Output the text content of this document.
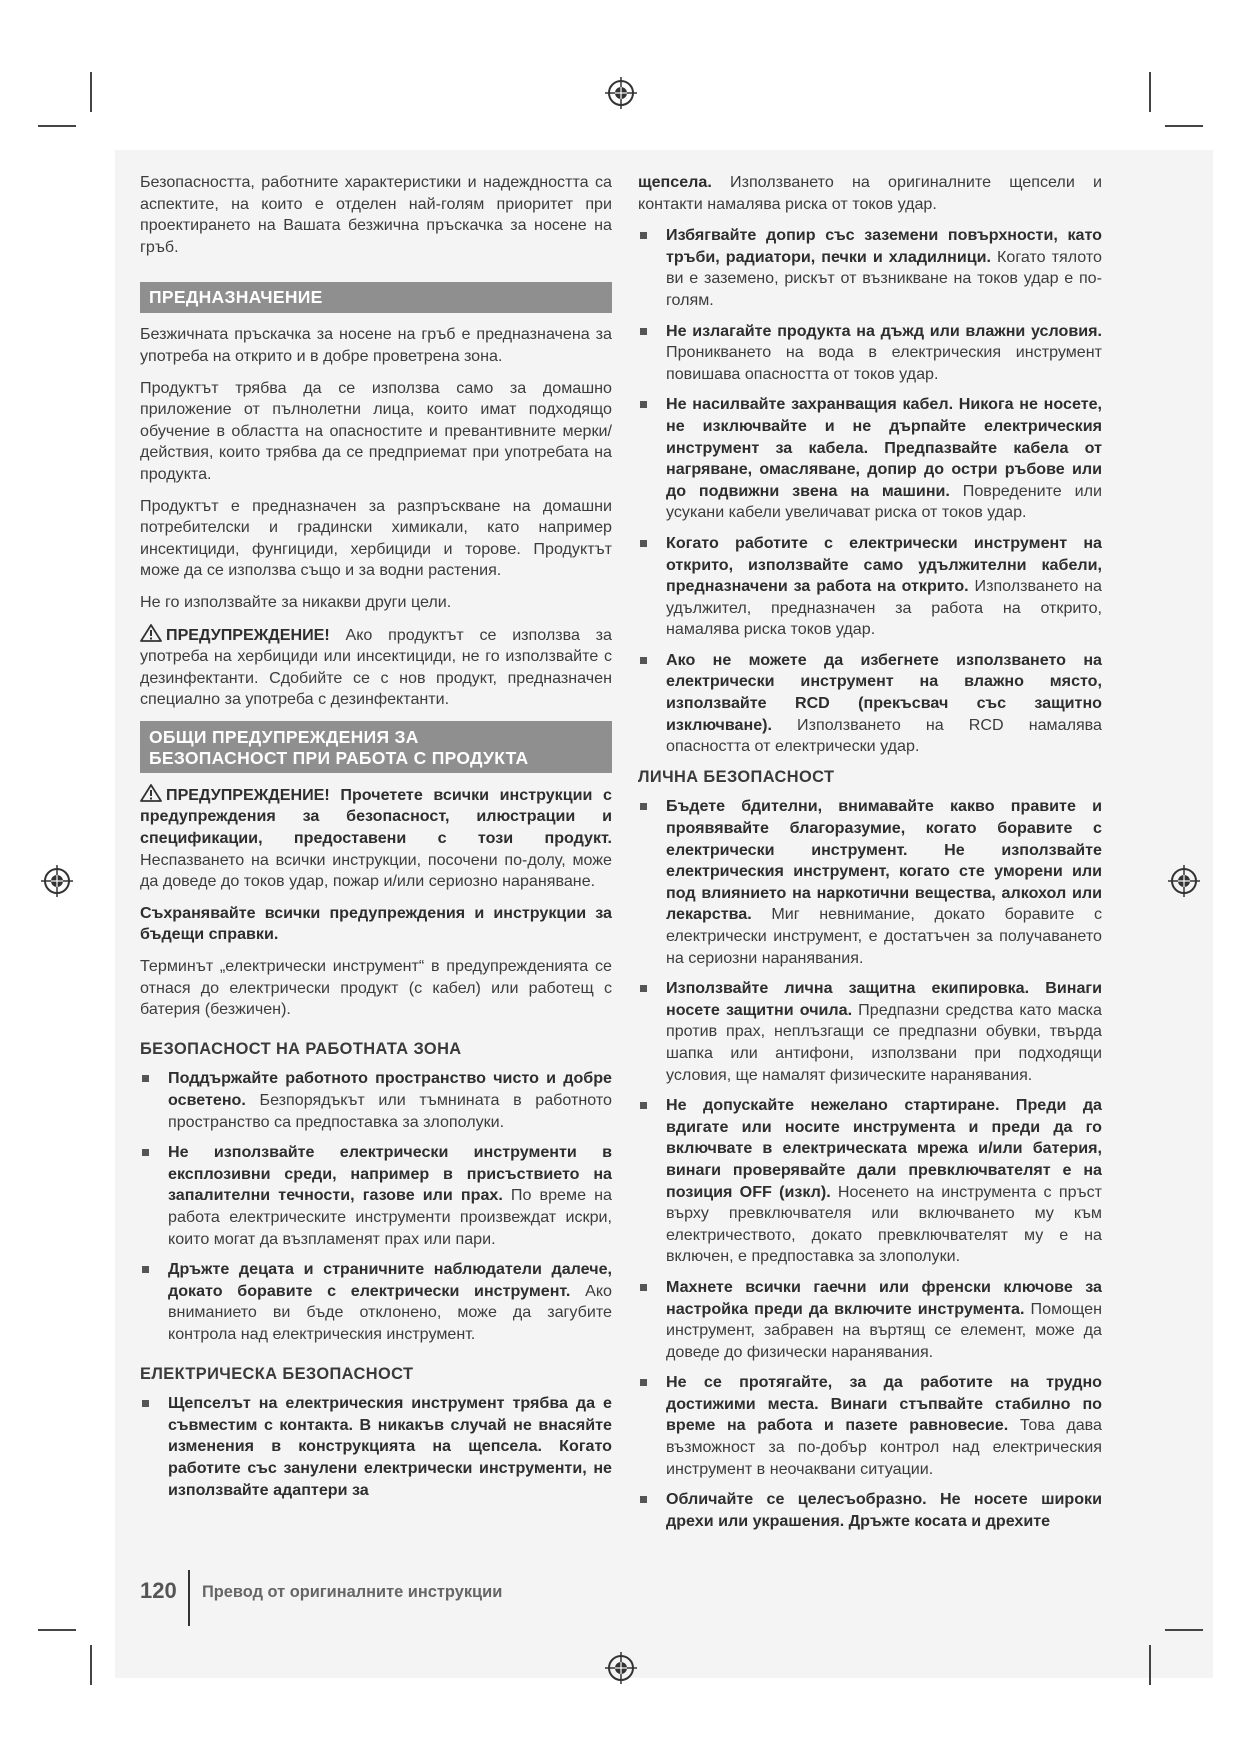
Безопасността, работните характеристики и надеждността са аспектите, на които е отделен най-голям приоритет при проектирането на Вашата безжична пръскачка за носене на гръб.

ПРЕДНАЗНАЧЕНИЕ

Безжичната пръскачка за носене на гръб е предназначена за употреба на открито и в добре проветрена зона.

Продуктът трябва да се използва само за домашно приложение от пълнолетни лица, които имат подходящо обучение в областта на опасностите и превантивните мерки/действия, които трябва да се предприемат при употребата на продукта.

Продуктът е предназначен за разпръскване на домашни потребителски и градински химикали, като например инсектициди, фунгициди, хербициди и торове. Продуктът може да се използва също и за водни растения.

Не го използвайте за никакви други цели.

ПРЕДУПРЕЖДЕНИЕ! Ако продуктът се използва за употреба на хербициди или инсектициди, не го използвайте с дезинфектанти. Сдобийте се с нов продукт, предназначен специално за употреба с дезинфектанти.

ОБЩИ ПРЕДУПРЕЖДЕНИЯ ЗА
БЕЗОПАСНОСТ ПРИ РАБОТА С ПРОДУКТА

ПРЕДУПРЕЖДЕНИЕ! Прочетете всички инструкции с предупреждения за безопасност, илюстрации и спецификации, предоставени с този продукт. Неспазването на всички инструкции, посочени по-долу, може да доведе до токов удар, пожар и/или сериозно нараняване.

Съхранявайте всички предупреждения и инструкции за бъдещи справки.

Терминът „електрически инструмент“ в предупрежденията се отнася до електрически продукт (с кабел) или работещ с батерия (безжичен).

БЕЗОПАСНОСТ НА РАБОТНАТА ЗОНА
Поддържайте работното пространство чисто и добре осветено. Безпорядъкът или тъмнината в работното пространство са предпоставка за злополуки.
Не използвайте електрически инструменти в експлозивни среди, например в присъствието на запалителни течности, газове или прах. По време на работа електрическите инструменти произвеждат искри, които могат да възпламенят прах или пари.
Дръжте децата и страничните наблюдатели далече, докато боравите с електрически инструмент. Ако вниманието ви бъде отклонено, може да загубите контрола над електрическия инструмент.
ЕЛЕКТРИЧЕСКА БЕЗОПАСНОСТ
Щепселът на електрическия инструмент трябва да е съвместим с контакта. В никакъв случай не внасяйте изменения в конструкцията на щепсела. Когато работите със занулени електрически инструменти, не използвайте адаптери за

щепсела. Използването на оригиналните щепсели и контакти намалява риска от токов удар.

Избягвайте допир със заземени повърхности, като тръби, радиатори, печки и хладилници. Когато тялото ви е заземено, рискът от възникване на токов удар е по-голям.
Не излагайте продукта на дъжд или влажни условия. Проникването на вода в електрическия инструмент повишава опасността от токов удар.
Не насилвайте захранващия кабел. Никога не носете, не изключвайте и не дърпайте електрическия инструмент за кабела. Предпазвайте кабела от нагряване, омасляване, допир до остри ръбове или до подвижни звена на машини. Повредените или усукани кабели увеличават риска от токов удар.
Когато работите с електрически инструмент на открито, използвайте само удължителни кабели, предназначени за работа на открито. Използването на удължител, предназначен за работа на открито, намалява риска токов удар.
Ако не можете да избегнете използването на електрически инструмент на влажно място, използвайте RCD (прекъсвач със защитно изключване). Използването на RCD намалява опасността от електрически удар.
ЛИЧНА БЕЗОПАСНОСТ
Бъдете бдителни, внимавайте какво правите и проявявайте благоразумие, когато боравите с електрически инструмент. Не използвайте електрическия инструмент, когато сте уморени или под влиянието на наркотични вещества, алкохол или лекарства. Миг невнимание, докато боравите с електрически инструмент, е достатъчен за получаването на сериозни наранявания.
Използвайте лична защитна екипировка. Винаги носете защитни очила. Предпазни средства като маска против прах, неплъзгащи се предпазни обувки, твърда шапка или антифони, използвани при подходящи условия, ще намалят физическите наранявания.
Не допускайте нежелано стартиране. Преди да вдигате или носите инструмента и преди да го включвате в електрическата мрежа и/или батерия, винаги проверявайте дали превключвателят е на позиция OFF (изкл). Носенето на инструмента с пръст върху превключвателя или включването му към електричеството, докато превключвателят му е на включен, е предпоставка за злополуки.
Махнете всички гаечни или френски ключове за настройка преди да включите инструмента. Помощен инструмент, забравен на въртящ се елемент, може да доведе до физически наранявания.
Не се протягайте, за да работите на трудно достижими места. Винаги стъпвайте стабилно по време на работа и пазете равновесие. Това дава възможност за по-добър контрол над електрическия инструмент в неочаквани ситуации.
Обличайте се целесъобразно. Не носете широки дрехи или украшения. Дръжте косата и дрехите
120 Превод от оригиналните инструкции
